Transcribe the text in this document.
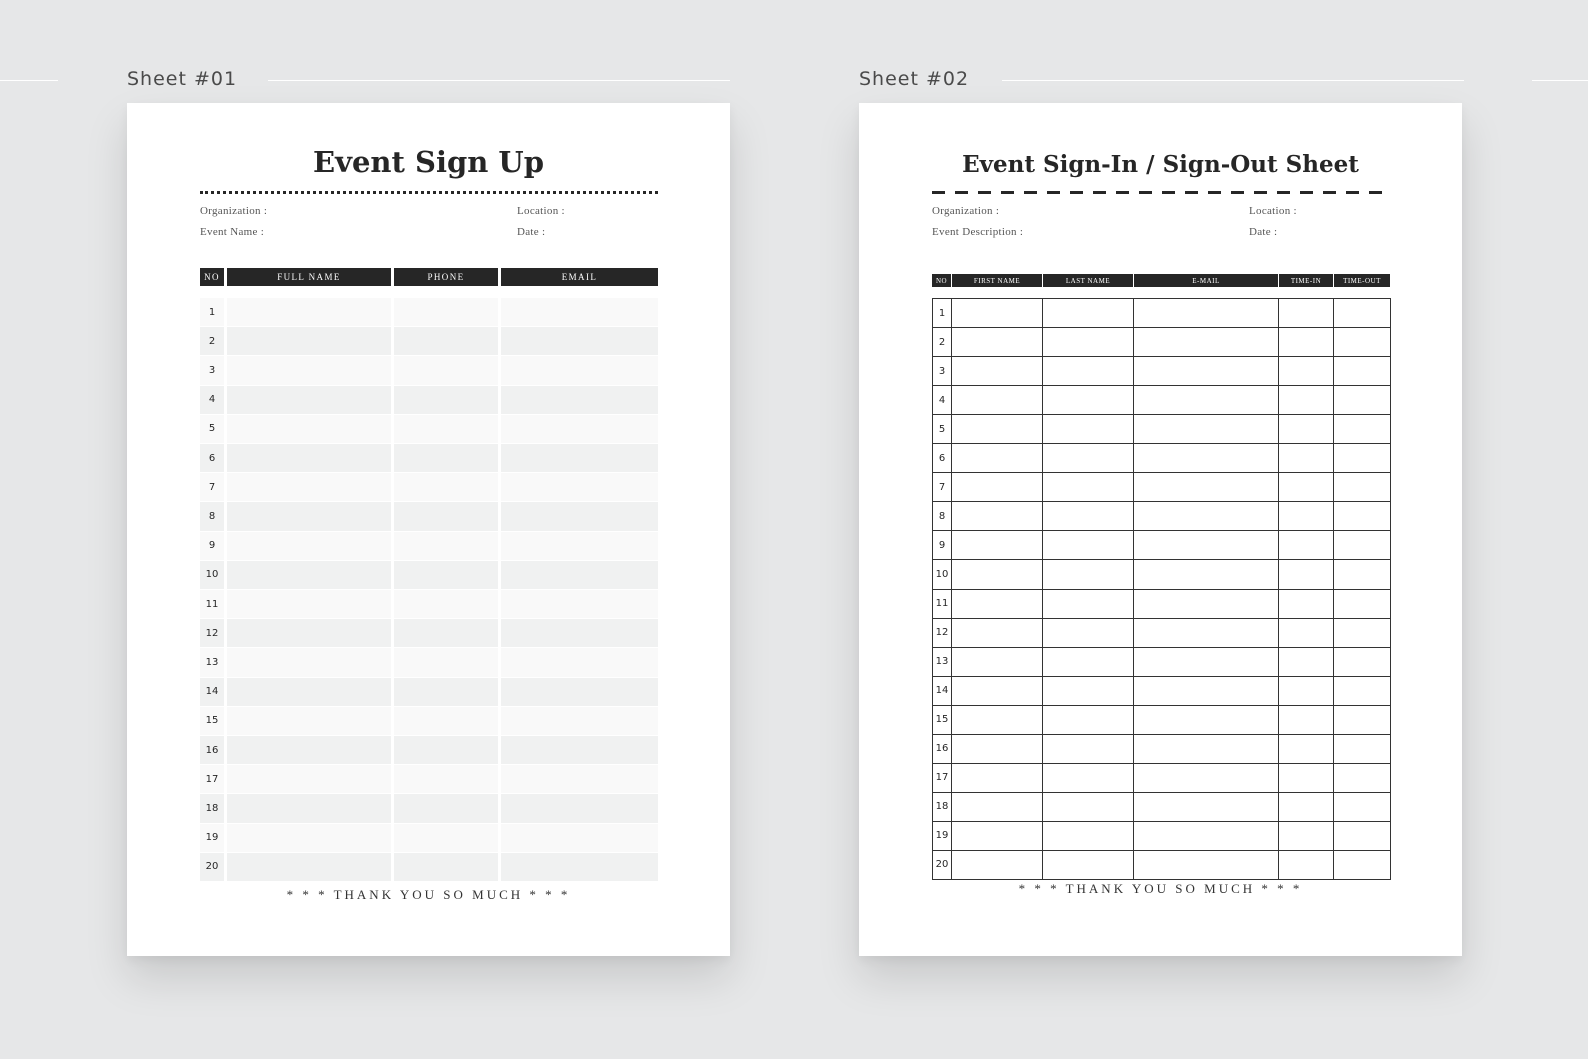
Sheet #01	Sheet #02
Event Sign Up
Organization :	Location :
Event Name :	Date :
NO	FULL NAME	PHONE	EMAIL
1
2
3
4
5
6
7
8
9
10
11
12
13
14
15
16
17
18
19
20
* * * THANK YOU SO MUCH * * *
Event Sign-In / Sign-Out Sheet
Organization :	Location :
Event Description :	Date :
NO	FIRST NAME	LAST NAME	E-MAIL	TIME-IN	TIME-OUT
1
2
3
4
5
6
7
8
9
10
11
12
13
14
15
16
17
18
19
20
* * * THANK YOU SO MUCH * * *
